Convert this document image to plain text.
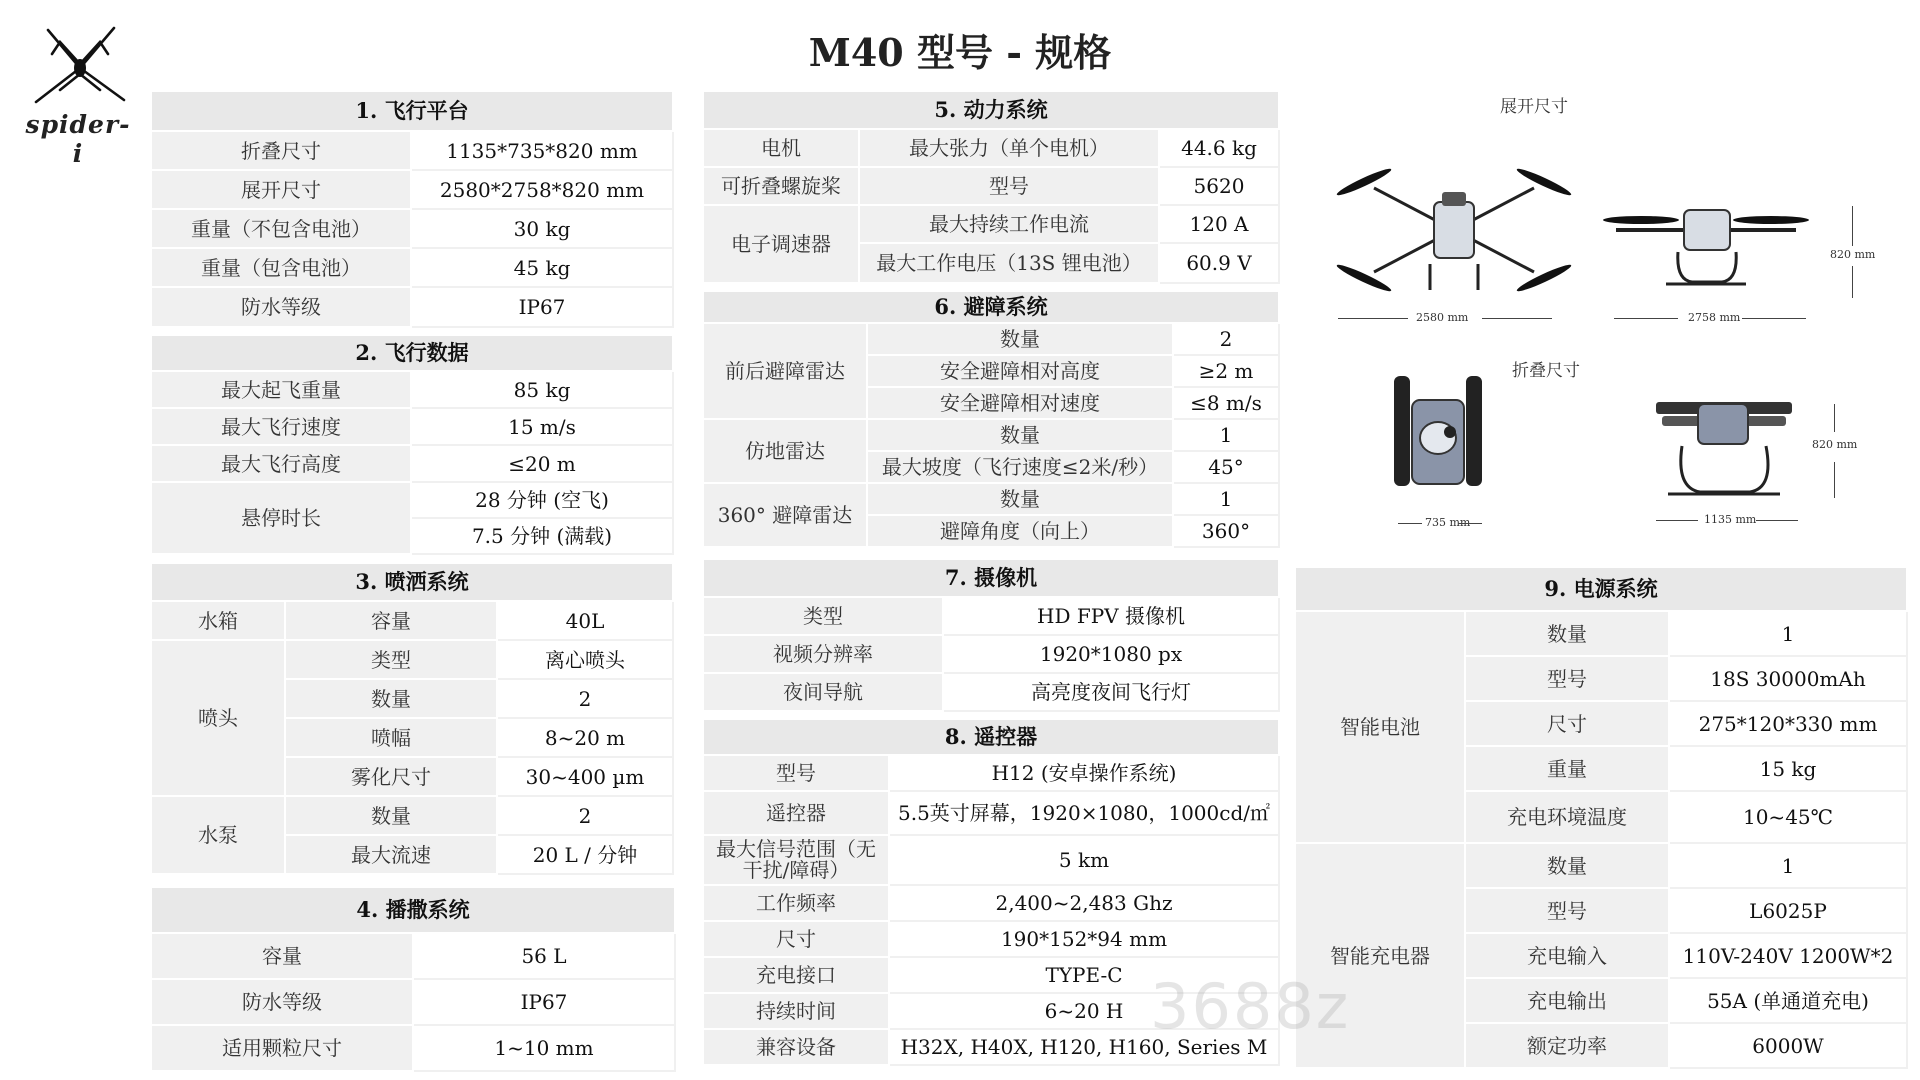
spider-i
M40 型号 - 规格
1. 飞行平台	
折叠尺寸	1135*735*820 mm
展开尺寸	2580*2758*820 mm
重量（不包含电池）	30 kg
重量（包含电池）	45 kg
防水等级	IP67
2. 飞行数据	
最大起飞重量	85 kg
最大飞行速度	15 m/s
最大飞行高度	≤20 m
悬停时长	28 分钟 (空飞)
	7.5 分钟 (满载)
3. 喷洒系统		
水箱	容量	40L
喷头	类型	离心喷头
	数量	2
	喷幅	8~20 m
	雾化尺寸	30~400 µm
水泵	数量	2
	最大流速	20 L / 分钟
4. 播撒系统	
容量	56 L
防水等级	IP67
适用颗粒尺寸	1~10 mm
5. 动力系统		
电机	最大张力（单个电机）	44.6 kg
可折叠螺旋桨	型号	5620
电子调速器	最大持续工作电流	120 A
	最大工作电压（13S 锂电池）	60.9 V
6. 避障系统		
前后避障雷达	数量	2
	安全避障相对高度	≥2 m
	安全避障相对速度	≤8 m/s
仿地雷达	数量	1
	最大坡度（飞行速度≤2米/秒）	45°
360° 避障雷达	数量	1
	避障角度（向上）	360°
7. 摄像机	
类型	HD FPV 摄像机
视频分辨率	1920*1080 px
夜间导航	高亮度夜间飞行灯
8. 遥控器	
型号	H12 (安卓操作系统)
遥控器	5.5英寸屏幕，1920×1080，1000cd/㎡
最大信号范围（无干扰/障碍）	5 km
工作频率	2,400~2,483 Ghz
尺寸	190*152*94 mm
充电接口	TYPE-C
持续时间	6~20 H
兼容设备	H32X, H40X, H120, H160, Series M
9. 电源系统		
智能电池	数量	1
	型号	18S 30000mAh
	尺寸	275*120*330 mm
	重量	15 kg
	充电环境温度	10~45℃
智能充电器	数量	1
	型号	L6025P
	充电输入	110V-240V 1200W*2
	充电输出	55A (单通道充电)
	额定功率	6000W
展开尺寸
2580 mm	2758 mm
820 mm
折叠尺寸
735 mm	1135 mm
820 mm
3688z
